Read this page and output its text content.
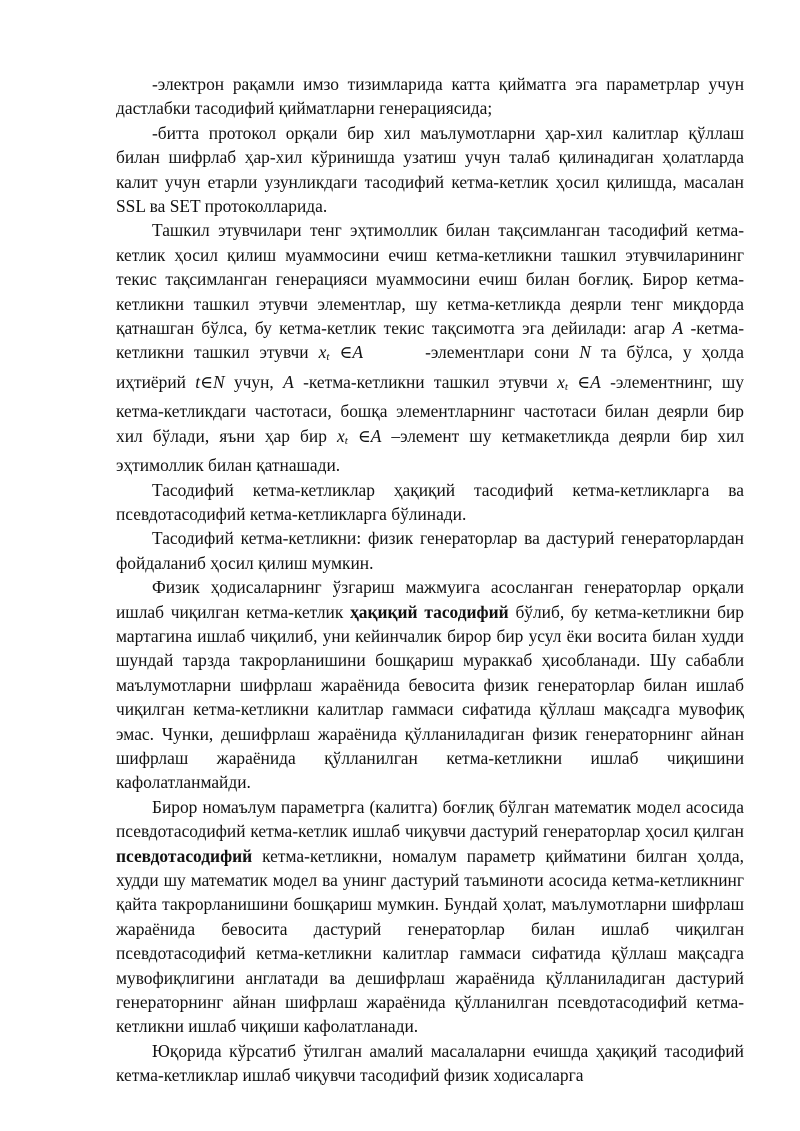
-электрон рақамли имзо тизимларида катта қийматга эга параметрлар учун дастлабки тасодифий қийматларни генерациясида;

-битта протокол орқали бир хил маълумотларни ҳар-хил калитлар қўллаш билан шифрлаб ҳар-хил кўринишда узатиш учун талаб қилинадиган ҳолатларда калит учун етарли узунликдаги тасодифий кетма-кетлик ҳосил қилишда, масалан SSL ва SET протоколларида.

Ташкил этувчилари тенг эҳтимоллик билан тақсимланган тасодифий кетма-кетлик ҳосил қилиш муаммосини ечиш кетма-кетликни ташкил этувчиларининг текис тақсимланган генерацияси муаммосини ечиш билан боғлиқ. Бирор кетма-кетликни ташкил этувчи элементлар, шу кетма-кетликда деярли тенг миқдорда қатнашган бўлса, бу кетма-кетлик текис тақсимотга эга дейилади: агар A -кетма-кетликни ташкил этувчи xt ∈A	-элементлари сони N та бўлса, у ҳолда иҳтиёрий t∈N учун, A -кетма-кетликни ташкил этувчи xt ∈A -элементнинг, шу кетма-кетликдаги частотаси, бошқа элементларнинг частотаси билан деярли бир хил бўлади, яъни ҳар бир xt ∈A –элемент шу кетмакетликда деярли бир хил эҳтимоллик билан қатнашади.

Тасодифий кетма-кетликлар ҳақиқий тасодифий кетма-кетликларга ва псевдотасодифий кетма-кетликларга бўлинади.

Тасодифий кетма-кетликни: физик генераторлар ва дастурий генераторлардан фойдаланиб ҳосил қилиш мумкин.

Физик ҳодисаларнинг ўзгариш мажмуига асосланган генераторлар орқали ишлаб чиқилган кетма-кетлик ҳақиқий тасодифий бўлиб, бу кетма-кетликни бир мартагина ишлаб чиқилиб, уни кейинчалик бирор бир усул ёки восита билан худди шундай тарзда такрорланишини бошқариш мураккаб ҳисобланади. Шу сабабли маълумотларни шифрлаш жараёнида бевосита физик генераторлар билан ишлаб чиқилган кетма-кетликни калитлар гаммаси сифатида қўллаш мақсадга мувофиқ эмас. Чунки, дешифрлаш жараёнида қўлланиладиган физик генераторнинг айнан шифрлаш жараёнида қўлланилган кетма-кетликни ишлаб чиқишини кафолатланмайди.

Бирор номаълум параметрга (калитга) боғлиқ бўлган математик модел асосида псевдотасодифий кетма-кетлик ишлаб чиқувчи дастурий генераторлар ҳосил қилган псевдотасодифий кетма-кетликни, номалум параметр қийматини билган ҳолда, худди шу математик модел ва унинг дастурий таъминоти асосида кетма-кетликнинг қайта такрорланишини бошқариш мумкин. Бундай ҳолат, маълумотларни шифрлаш жараёнида бевосита дастурий генераторлар билан ишлаб чиқилган псевдотасодифий кетма-кетликни калитлар гаммаси сифатида қўллаш мақсадга мувофиқлигини англатади ва дешифрлаш жараёнида қўлланиладиган дастурий генераторнинг айнан шифрлаш жараёнида қўлланилган псевдотасодифий кетма-кетликни ишлаб чиқиши кафолатланади.

Юқорида кўрсатиб ўтилган амалий масалаларни ечишда ҳақиқий тасодифий кетма-кетликлар ишлаб чиқувчи тасодифий физик ходисаларга
